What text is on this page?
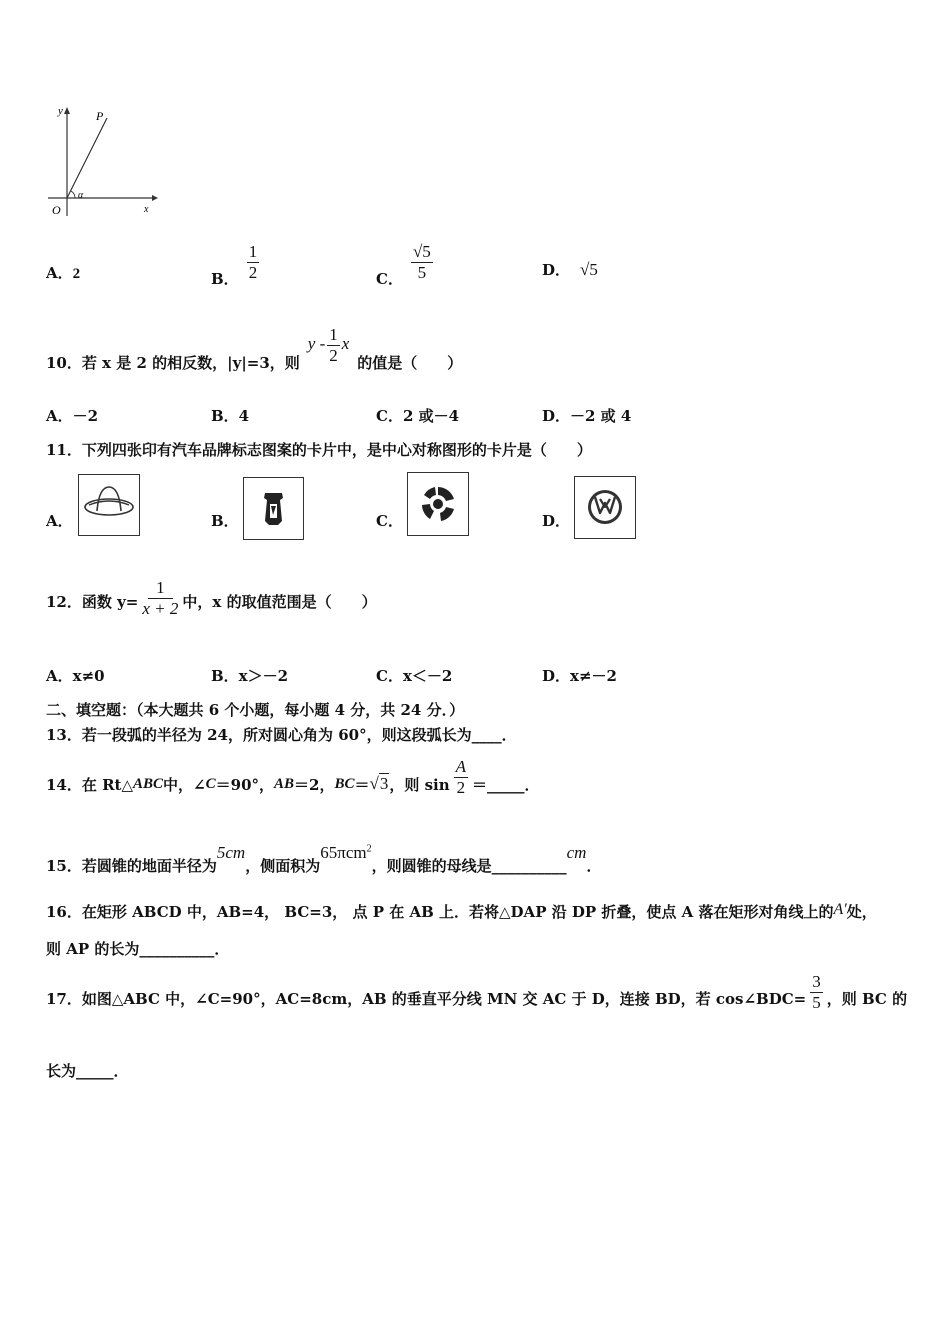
y
x
P
O
α
A．2	B． $\frac{1}{2}$	C． $\frac{√5}{5}$	D． √5
10．若 x 是 2 的相反数，|y|=3，则
y - $\frac{1}{2}$ x
的值是（　　）
A．－2	B．4	C．2 或－4	D．－2 或 4
11．下列四张印有汽车品牌标志图案的卡片中，是中心对称图形的卡片是（　　）
A．	B．	C．	D．
12．函数 $y= \frac{1}{x + 2}$ 中，x 的取值范围是（　　）
A．x≠0	B．x＞－2	C．x＜－2	D．x≠－2
二、填空题：（本大题共 6 个小题，每小题 4 分，共 24 分．）
13．若一段弧的半径为 24，所对圆心角为 60°，则这段弧长为____．
14．在 Rt△ ABC 中，∠ C ＝90°， AB ＝2， BC ＝ √3 ，则 $\sin \frac{A}{2}$ ＝_____．
15．若圆锥的地面半径为5cm，侧面积为65πcm$^2$，则圆锥的母线是__________cm．
16．在矩形 ABCD 中，AB=4， BC=3， 点 P 在 AB 上．若将△DAP 沿 DP 折叠，使点 A 落在矩形对角线上的A′处，
则 AP 的长为__________．
17．如图△ABC 中，∠C=90°，AC=8cm，AB 的垂直平分线 MN 交 AC 于 D，连接 BD，若 cos∠BDC= $\frac{3}{5}$ ，则 BC 的
长为_____．
